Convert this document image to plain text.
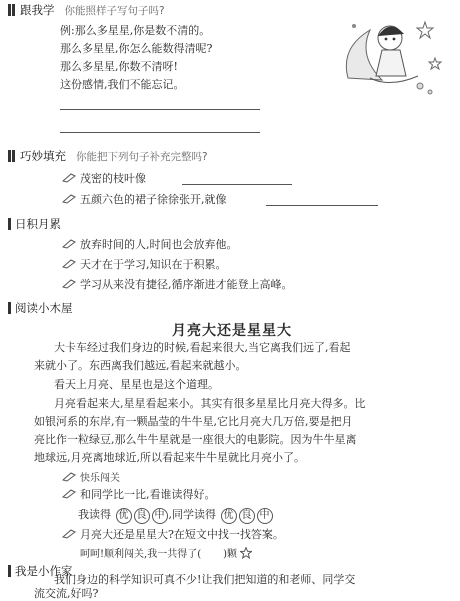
跟我学 你能照样子写句子吗?
例:那么多星星,你是数不清的。
那么多星星,你怎么能数得清呢?
那么多星星,你数不清呀!
这份感情,我们不能忘记。
巧妙填充 你能把下列句子补充完整吗?
茂密的枝叶像
五颜六色的裙子徐徐张开,就像
日积月累
放弃时间的人,时间也会放弃他。
天才在于学习,知识在于积累。
学习从来没有捷径,循序渐进才能登上高峰。
阅读小木屋
月亮大还是星星大
大卡车经过我们身边的时候,看起来很大,当它离我们远了,看起
来就小了。东西离我们越远,看起来就越小。
看天上月亮、星星也是这个道理。
月亮看起来大,星星看起来小。其实有很多星星比月亮大得多。比
如银河系的东岸,有一颗晶莹的牛牛星,它比月亮大几万倍,要是把月
亮比作一粒绿豆,那么牛牛星就是一座很大的电影院。因为牛牛星离
地球远,月亮离地球近,所以看起来牛牛星就比月亮小了。
快乐闯关
和同学比一比,看谁读得好。
我读得 优 良 中 ,同学读得 优 良 中
月亮大还是星星大?在短文中找一找答案。
呵呵!顺利闯关,我一共得了( )颗
我是小作家
我们身边的科学知识可真不少!让我们把知道的和老师、同学交
流交流,好吗?
